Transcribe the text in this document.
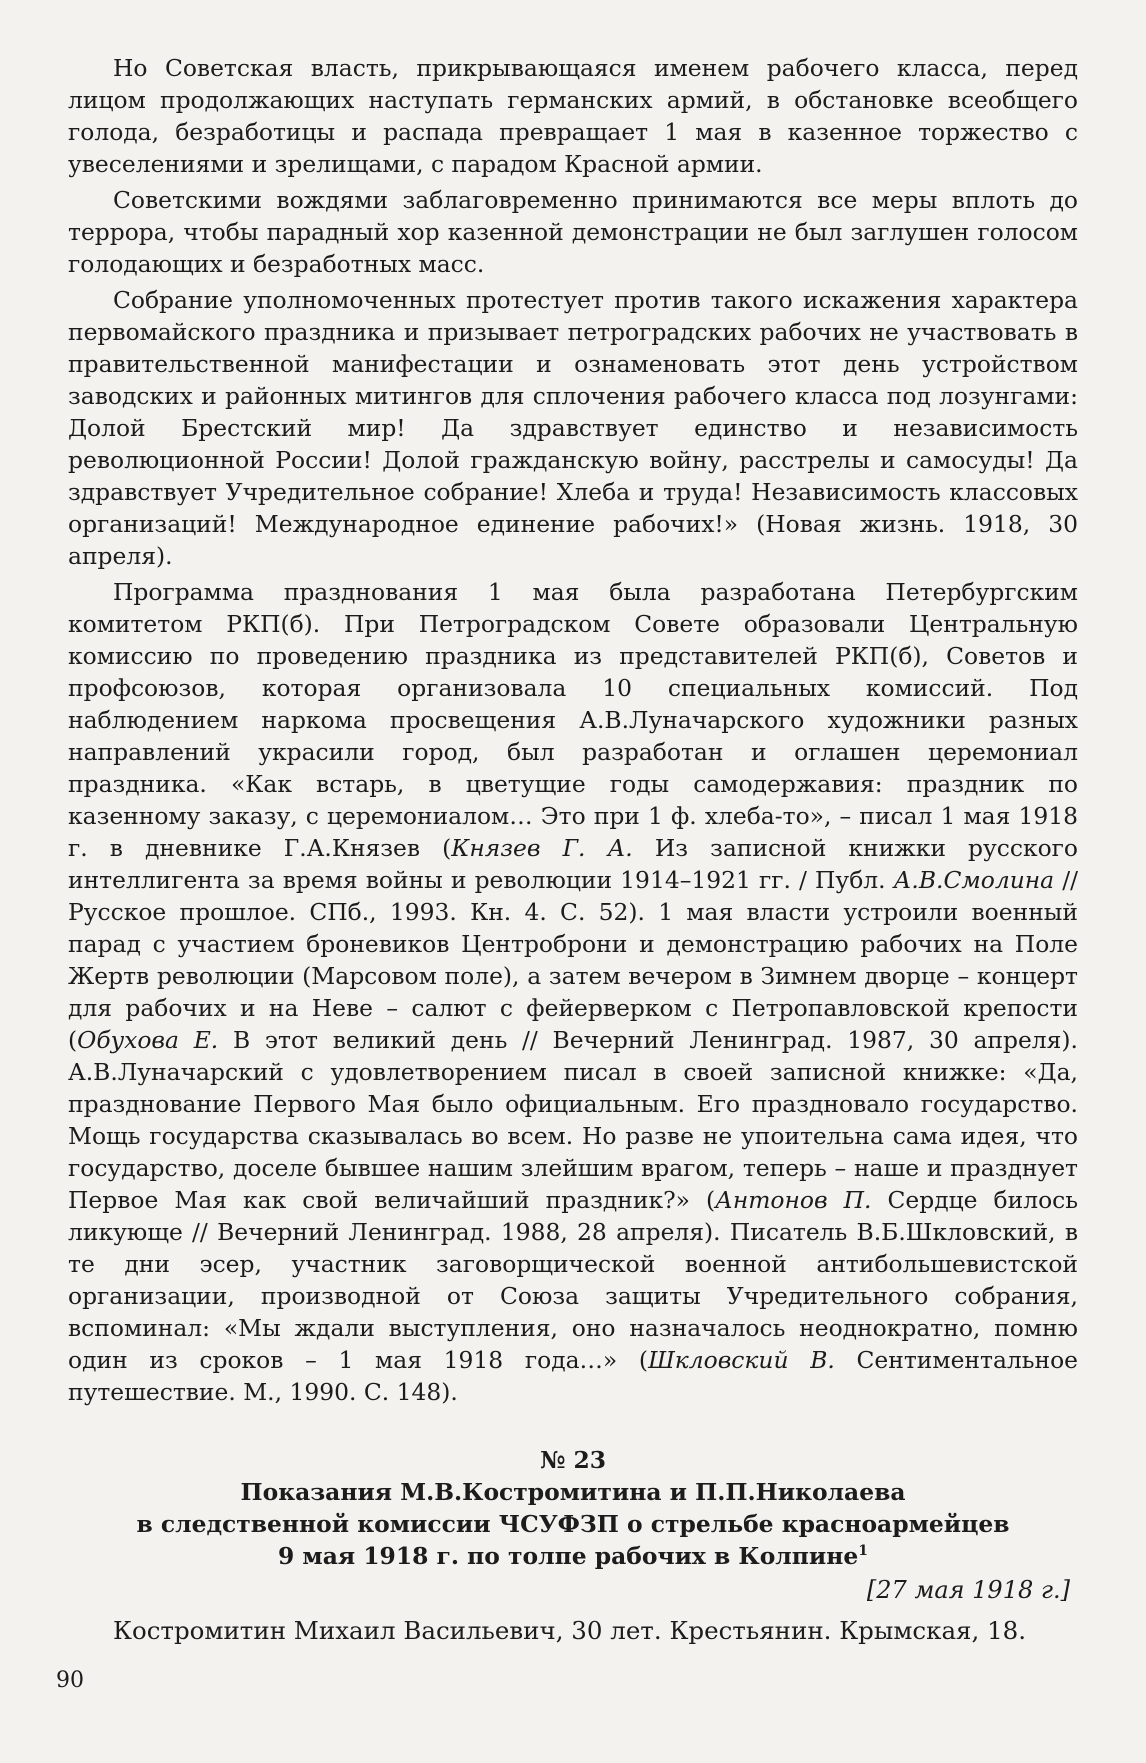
Но Советская власть, прикрывающаяся именем рабочего класса, перед лицом продолжающих наступать германских армий, в обстановке всеобщего голода, безработицы и распада превращает 1 мая в казенное торжество с увеселениями и зрелищами, с парадом Красной армии.

Советскими вождями заблаговременно принимаются все меры вплоть до террора, чтобы парадный хор казенной демонстрации не был заглушен голосом голодающих и безработных масс.

Собрание уполномоченных протестует против такого искажения характера первомайского праздника и призывает петроградских рабочих не участвовать в правительственной манифестации и ознаменовать этот день устройством заводских и районных митингов для сплочения рабочего класса под лозунгами: Долой Брестский мир! Да здравствует единство и независимость революционной России! Долой гражданскую войну, расстрелы и самосуды! Да здравствует Учредительное собрание! Хлеба и труда! Независимость классовых организаций! Международное единение рабочих!» (Новая жизнь. 1918, 30 апреля).

Программа празднования 1 мая была разработана Петербургским комитетом РКП(б). При Петроградском Совете образовали Центральную комиссию по проведению праздника из представителей РКП(б), Советов и профсоюзов, которая организовала 10 специальных комиссий. Под наблюдением наркома просвещения А.В.Луначарского художники разных направлений украсили город, был разработан и оглашен церемониал праздника. «Как встарь, в цветущие годы самодержавия: праздник по казенному заказу, с церемониалом… Это при 1 ф. хлеба-то», – писал 1 мая 1918 г. в дневнике Г.А.Князев (Князев Г. А. Из записной книжки русского интеллигента за время войны и революции 1914–1921 гг. / Публ. А.В.Смолина // Русское прошлое. СПб., 1993. Кн. 4. С. 52). 1 мая власти устроили военный парад с участием броневиков Центроброни и демонстрацию рабочих на Поле Жертв революции (Марсовом поле), а затем вечером в Зимнем дворце – концерт для рабочих и на Неве – салют с фейерверком с Петропавловской крепости (Обухова Е. В этот великий день // Вечерний Ленинград. 1987, 30 апреля). А.В.Луначарский с удовлетворением писал в своей записной книжке: «Да, празднование Первого Мая было официальным. Его праздновало государство. Мощь государства сказывалась во всем. Но разве не упоительна сама идея, что государство, доселе бывшее нашим злейшим врагом, теперь – наше и празднует Первое Мая как свой величайший праздник?» (Антонов П. Сердце билось ликующе // Вечерний Ленинград. 1988, 28 апреля). Писатель В.Б.Шкловский, в те дни эсер, участник заговорщической военной антибольшевистской организации, производной от Союза защиты Учредительного собрания, вспоминал: «Мы ждали выступления, оно назначалось неоднократно, помню один из сроков – 1 мая 1918 года…» (Шкловский В. Сентиментальное путешествие. М., 1990. С. 148).

№ 23

Показания М.В.Костромитина и П.П.Николаева

в следственной комиссии ЧСУФЗП о стрельбе красноармейцев

9 мая 1918 г. по толпе рабочих в Колпине$^1$

[27 мая 1918 г.]

Костромитин Михаил Васильевич, 30 лет. Крестьянин. Крымская, 18.

90
